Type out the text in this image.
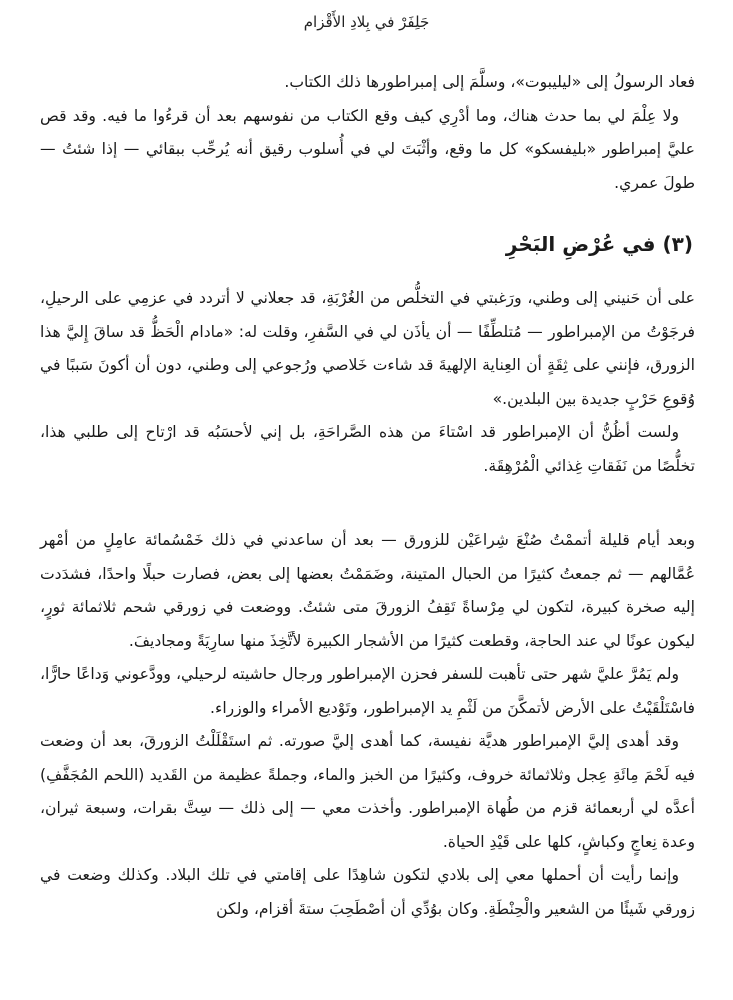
جَلِفَرْ في بِلادِ الأَقْزام

فعاد الرسولُ إلى «ليليبوت»، وسلَّمَ إلى إمبراطورها ذلك الكتاب.

ولا عِلْمَ لي بما حدث هناك، وما أدْرِي كيف وقع الكتاب من نفوسهم بعد أن قرءُوا ما فيه. وقد قص عليَّ إمبراطور «بليفسكو» كل ما وقع، وأثْبَتَ لي في أُسلوب رقيق أنه يُرحِّب ببقائي — إذا شئتُ — طولَ عمري.

(٣) في عُرْضِ البَحْرِ

على أن حَنيني إلى وطني، ورَغبتي في التخلُّص من الغُرْبَةِ، قد جعلاني لا أتردد في عزمِي على الرحيلِ، فرجَوْتُ من الإمبراطور — مُتلطِّفًا — أن يأذَن لي في السَّفرِ، وقلت له: «مادام الْحَظُّ قد ساقَ إِليَّ هذا الزورق، فإنني على ثِقَةٍ أن العِناية الإلهيةَ قد شاءت خَلاصي ورُجوعي إلى وطني، دون أن أكونَ سَببًا في وُقوعِ حَرْبٍ جديدة بين البلدين.»

ولست أظُنُّ أن الإمبراطور قد اسْتاءَ من هذه الصَّراحَةِ، بل إني لأحسَبُه قد ارْتاح إلى طلبي هذا، تخلُّصًا من نَفَقاتِ غِذائي الْمُرْهِقَة.

وبعد أيام قليلة أتممْتُ صُنْعَ شِراعَيْن للزورق — بعد أن ساعدني في ذلك خَمْسُمائة عامِلٍ من أمْهر عُمَّالهم — ثم جمعتُ كثيرًا من الحبال المتينة، وضَمَمْتُ بعضها إلى بعض، فصارت حبلًا واحدًا، فشدَدت إليه صخرة كبيرة، لتكون لي مِرْساةً تَقِفُ الزورقَ متى شئتُ. ووضعت في زورقي شحم ثلاثمائة ثورٍ، ليكون عونًا لي عند الحاجة، وقطعت كثيرًا من الأشجار الكبيرة لأتَّخِذَ منها سارِيَةً ومجاديفَ.

ولم يَمُرَّ عليَّ شهر حتى تأهبت للسفر فحزن الإمبراطور ورجال حاشيته لرحيلي، وودَّعوني وَداعًا حارًّا، فاسْتَلْقَيْتُ على الأرض لأتمكَّنَ من لَثْمِ يد الإمبراطور، وتَوْديع الأمراء والوزراء.

وقد أهدى إليَّ الإمبراطور هديَّة نفيسة، كما أهدى إليَّ صورته. ثم استَقْلَلْتُ الزورقَ، بعد أن وضعت فيه لَحْمَ مِائَةِ عِجل وثلاثمائة خروف، وكثيرًا من الخبز والماء، وجملةً عظيمة من القَديد (اللحم المُجَفَّفِ) أعدَّه لي أربعمائة قزم من طُهاة الإمبراطور. وأخذت معي — إلى ذلك — سِتَّ بقرات، وسبعة ثيران، وعدة نِعاجٍ وكباشٍ، كلها على قَيْدِ الحياة.

وإنما رأيت أن أحملها معي إلى بلادي لتكون شاهِدًا على إقامتي في تلك البلاد. وكذلك وضعت في زورقي شَيئًا من الشعير والْحِنْطَةِ. وكان بوُدِّي أن أصْطَحِبَ ستةَ أقزام، ولكن
